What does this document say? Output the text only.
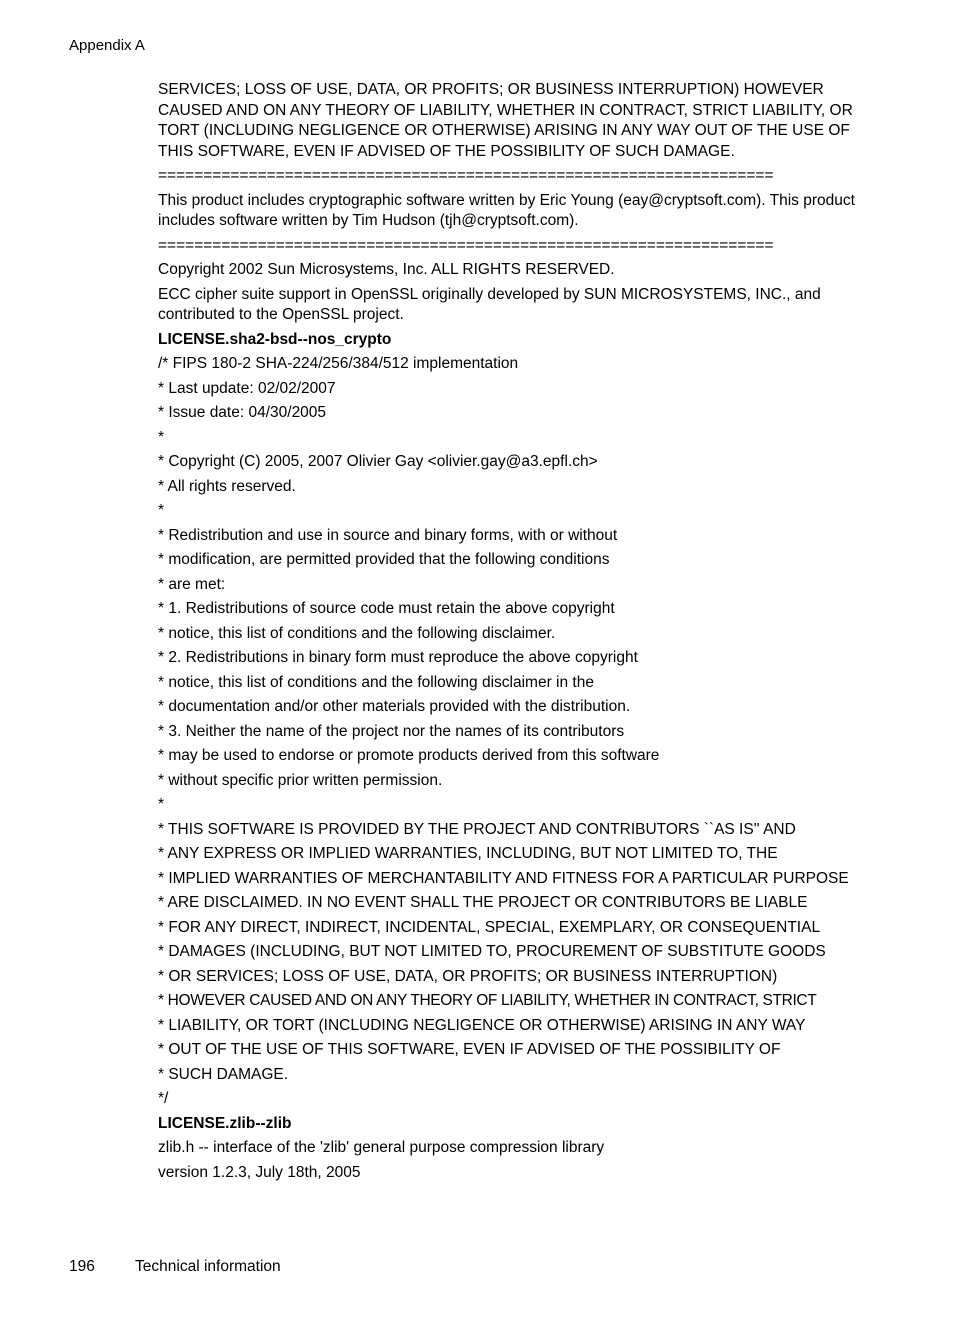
Appendix A

SERVICES; LOSS OF USE, DATA, OR PROFITS; OR BUSINESS INTERRUPTION) HOWEVER CAUSED AND ON ANY THEORY OF LIABILITY, WHETHER IN CONTRACT, STRICT LIABILITY, OR TORT (INCLUDING NEGLIGENCE OR OTHERWISE) ARISING IN ANY WAY OUT OF THE USE OF THIS SOFTWARE, EVEN IF ADVISED OF THE POSSIBILITY OF SUCH DAMAGE.

====================================================================

This product includes cryptographic software written by Eric Young (eay@cryptsoft.com). This product includes software written by Tim Hudson (tjh@cryptsoft.com).

====================================================================

Copyright 2002 Sun Microsystems, Inc. ALL RIGHTS RESERVED.

ECC cipher suite support in OpenSSL originally developed by SUN MICROSYSTEMS, INC., and contributed to the OpenSSL project.

LICENSE.sha2-bsd--nos_crypto

/* FIPS 180-2 SHA-224/256/384/512 implementation

* Last update: 02/02/2007

* Issue date: 04/30/2005

*

* Copyright (C) 2005, 2007 Olivier Gay <olivier.gay@a3.epfl.ch>

* All rights reserved.

*

* Redistribution and use in source and binary forms, with or without

* modification, are permitted provided that the following conditions

* are met:

* 1. Redistributions of source code must retain the above copyright

* notice, this list of conditions and the following disclaimer.

* 2. Redistributions in binary form must reproduce the above copyright

* notice, this list of conditions and the following disclaimer in the

* documentation and/or other materials provided with the distribution.

* 3. Neither the name of the project nor the names of its contributors

* may be used to endorse or promote products derived from this software

* without specific prior written permission.

*

* THIS SOFTWARE IS PROVIDED BY THE PROJECT AND CONTRIBUTORS ``AS IS'' AND

* ANY EXPRESS OR IMPLIED WARRANTIES, INCLUDING, BUT NOT LIMITED TO, THE

* IMPLIED WARRANTIES OF MERCHANTABILITY AND FITNESS FOR A PARTICULAR PURPOSE

* ARE DISCLAIMED. IN NO EVENT SHALL THE PROJECT OR CONTRIBUTORS BE LIABLE

* FOR ANY DIRECT, INDIRECT, INCIDENTAL, SPECIAL, EXEMPLARY, OR CONSEQUENTIAL

* DAMAGES (INCLUDING, BUT NOT LIMITED TO, PROCUREMENT OF SUBSTITUTE GOODS

* OR SERVICES; LOSS OF USE, DATA, OR PROFITS; OR BUSINESS INTERRUPTION)

* HOWEVER CAUSED AND ON ANY THEORY OF LIABILITY, WHETHER IN CONTRACT, STRICT

* LIABILITY, OR TORT (INCLUDING NEGLIGENCE OR OTHERWISE) ARISING IN ANY WAY

* OUT OF THE USE OF THIS SOFTWARE, EVEN IF ADVISED OF THE POSSIBILITY OF

* SUCH DAMAGE.

*/

LICENSE.zlib--zlib

zlib.h -- interface of the 'zlib' general purpose compression library

version 1.2.3, July 18th, 2005

196	Technical information
